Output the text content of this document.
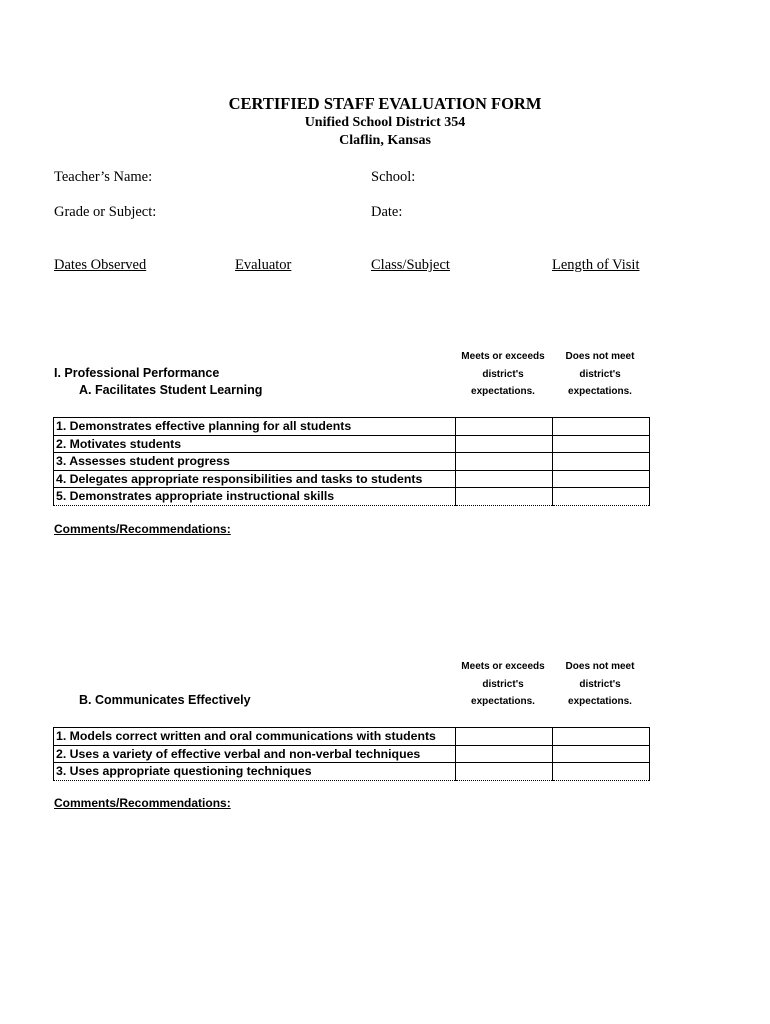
CERTIFIED STAFF EVALUATION FORM
Unified School District 354
Claflin, Kansas
Teacher’s Name:	School:
Grade or Subject:	Date:
Dates Observed	Evaluator	Class/Subject	Length of Visit
I. Professional Performance
A. Facilitates Student Learning
Meets or exceeds
district's
expectations.
Does not meet
district's
expectations.
1. Demonstrates effective planning for all students		
2. Motivates students		
3. Assesses student progress		
4. Delegates appropriate responsibilities and tasks to students		
5. Demonstrates appropriate instructional skills		
Comments/Recommendations:
Meets or exceeds
district's
expectations.
Does not meet
district's
expectations.
B. Communicates Effectively
1. Models correct written and oral communications with students		
2. Uses a variety of effective verbal and non-verbal techniques		
3. Uses appropriate questioning techniques		
Comments/Recommendations:
